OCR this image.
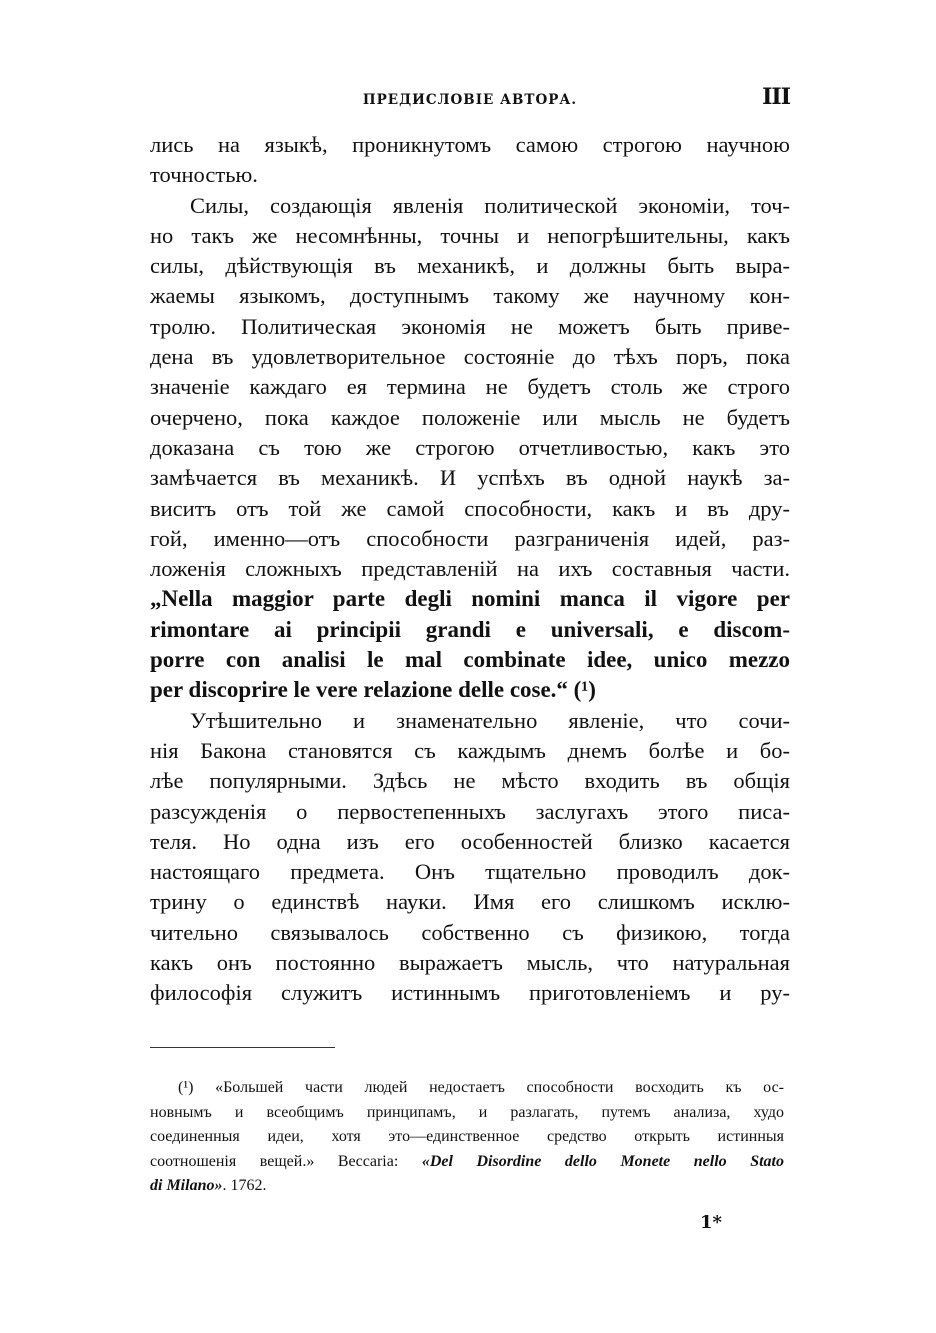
ПРЕДИСЛОВІЕ АВТОРА.	III

лись на языкѣ, проникнутомъ самою строгою научною
точностью.

Силы, создающія явленія политической экономіи, точ-
но такъ же несомнѣнны, точны и непогрѣшительны, какъ
силы, дѣйствующія въ механикѣ, и должны быть выра-
жаемы языкомъ, доступнымъ такому же научному кон-
тролю. Политическая экономія не можетъ быть приве-
дена въ удовлетворительное состояніе до тѣхъ поръ, пока
значеніе каждаго ея термина не будетъ столь же строго
очерчено, пока каждое положеніе или мысль не будетъ
доказана съ тою же строгою отчетливостью, какъ это
замѣчается въ механикѣ. И успѣхъ въ одной наукѣ за-
виситъ отъ той же самой способности, какъ и въ дру-
гой, именно—отъ способности разграниченія идей, раз-
ложенія сложныхъ представленій на ихъ составныя части.

„Nella maggior parte degli nomini manca il vigore per
rimontare ai principii grandi e universali, e discom-
porre con analisi le mal combinate idee, unico mezzo
per discoprire le vere relazione delle cose.“ (¹)

Утѣшительно и знаменательно явленіе, что сочи-
нія Бакона становятся съ каждымъ днемъ болѣе и бо-
лѣе популярными. Здѣсь не мѣсто входить въ общія
разсужденія о первостепенныхъ заслугахъ этого писа-
теля. Но одна изъ его особенностей близко касается
настоящаго предмета. Онъ тщательно проводилъ док-
трину о единствѣ науки. Имя его слишкомъ исклю-
чительно связывалось собственно съ физикою, тогда
какъ онъ постоянно выражаетъ мысль, что натуральная
философія служитъ истиннымъ приготовленіемъ и ру-

(¹) «Большей части людей недостаетъ способности восходить къ ос-
новнымъ и всеобщимъ принципамъ, и разлагать, путемъ анализа, худо
соединенныя идеи, хотя это—единственное средство открыть истинныя
соотношенія вещей.» Beccaria: «Del Disordine dello Monete nello Stato
di Milano». 1762.
1*
